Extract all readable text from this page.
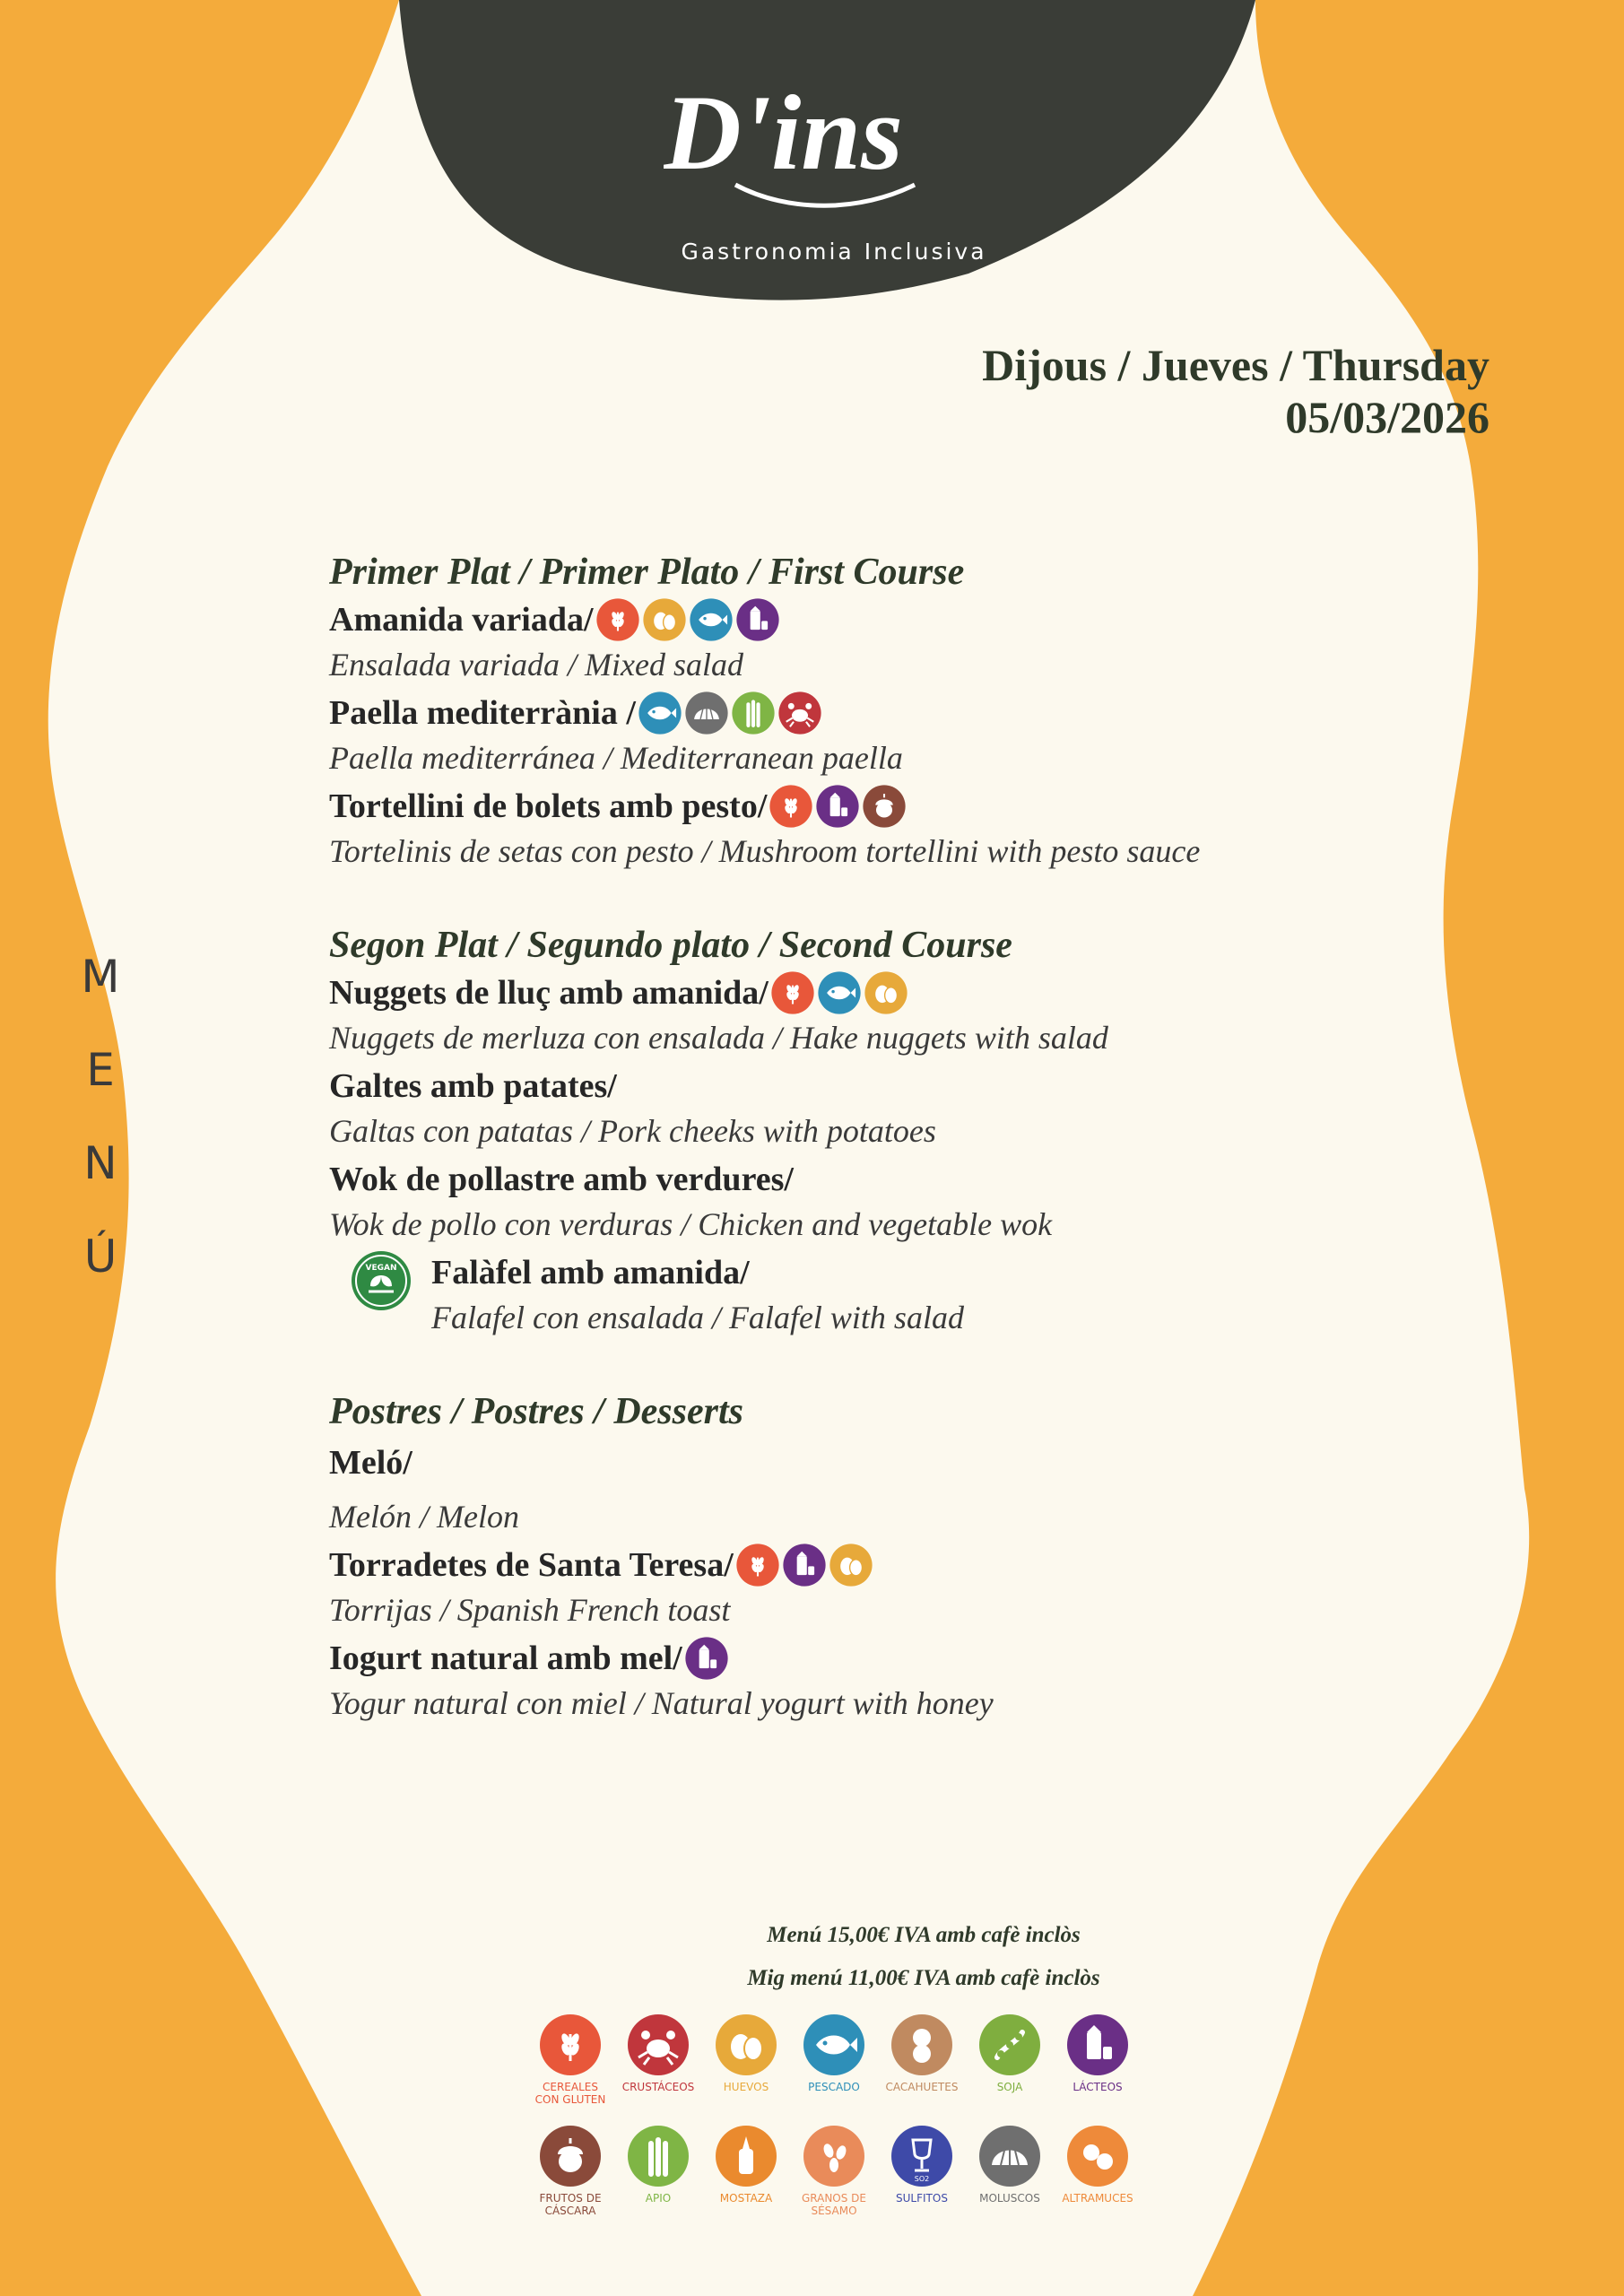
D'ins
Gastronomia Inclusiva
Dijous / Jueves / Thursday
05/03/2026
M
E
N
Ú
Primer Plat / Primer Plato / First Course
Amanida variada/
Ensalada variada / Mixed salad
Paella mediterrània /
Paella mediterránea / Mediterranean paella
Tortellini de bolets amb pesto/
Tortelinis de setas con pesto / Mushroom tortellini with pesto sauce
Segon Plat / Segundo plato / Second Course
Nuggets de lluç amb amanida/
Nuggets de merluza con ensalada / Hake nuggets with salad
Galtes amb patates/
Galtas con patatas / Pork cheeks with potatoes
Wok de pollastre amb verdures/
Wok de pollo con verduras / Chicken and vegetable wok
VEGAN Falàfel amb amanida/
Falafel con ensalada / Falafel with salad
Postres / Postres / Desserts
Meló/
Melón / Melon
Torradetes de Santa Teresa/
Torrijas / Spanish French toast
Iogurt natural amb mel/
Yogur natural con miel / Natural yogurt with honey
Menú 15,00€ IVA amb cafè inclòs
Mig menú 11,00€ IVA amb cafè inclòs
CEREALES CON GLUTEN
CRUSTÁCEOS	HUEVOS	PESCADO CACAHUETES	SOJA	LÁCTEOS
FRUTOS DE CÁSCARA
APIO	MOSTAZA	GRANOS DE SÉSAMO
SO2
SULFITOS	MOLUSCOS ALTRAMUCES
